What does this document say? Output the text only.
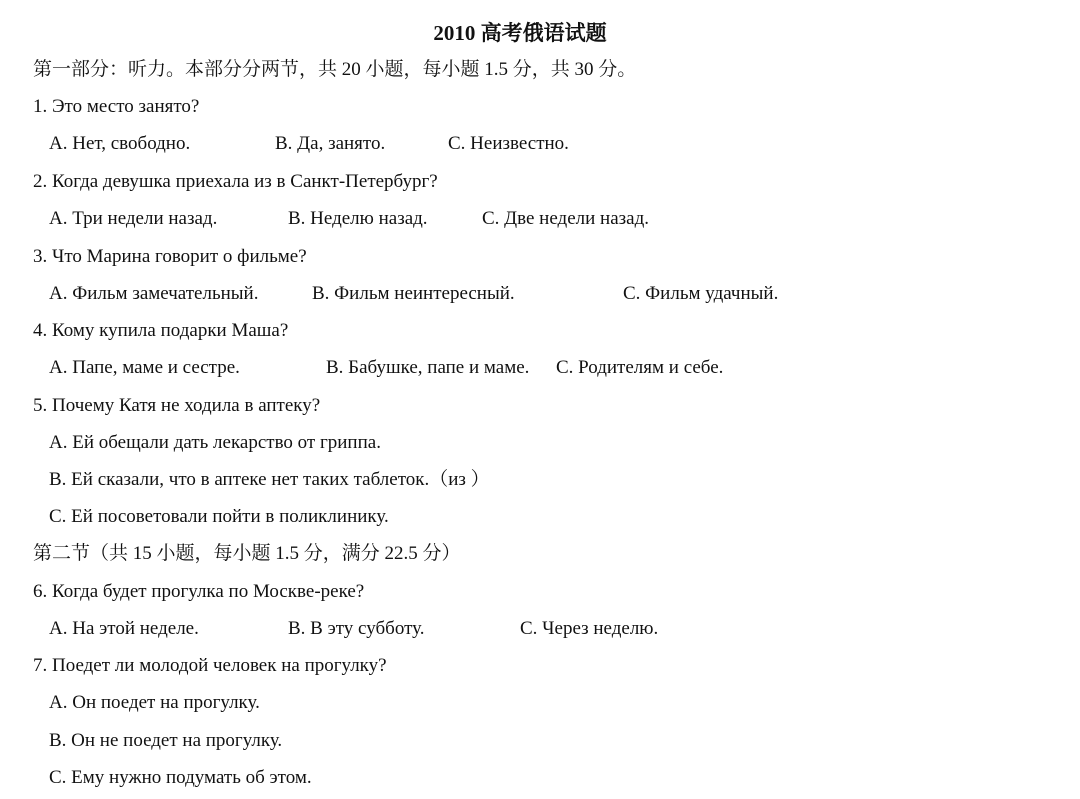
2010 高考俄语试题
第一部分：听力。本部分分两节，共 20 小题，每小题 1.5 分，共 30 分。
1. Это место занято?
A. Нет, свободно.	B. Да, занято.	C. Неизвестно.
2. Когда девушка приехала из в Санкт-Петербург?
A. Три недели назад.	B. Неделю назад.	C. Две недели назад.
3. Что Марина говорит о фильме?
A. Фильм замечательный.	B. Фильм неинтересный.	C. Фильм удачный.
4. Кому купила подарки Маша?
A. Папе, маме и сестре.	B. Бабушке, папе и маме. C. Родителям и себе.
5. Почему Катя не ходила в аптеку?
A. Ей обещали дать лекарство от гриппа.
B. Ей сказали, что в аптеке нет таких таблеток.（из ）
C. Ей посоветовали пойти в поликлинику.
第二节（共 15 小题，每小题 1.5 分，满分 22.5 分）
6. Когда будет прогулка по Москве-реке?
A. На этой неделе.	B. В эту субботу.	C. Через неделю.
7. Поедет ли молодой человек на прогулку?
A. Он поедет на прогулку.
B. Он не поедет на прогулку.
C. Ему нужно подумать об этом.
